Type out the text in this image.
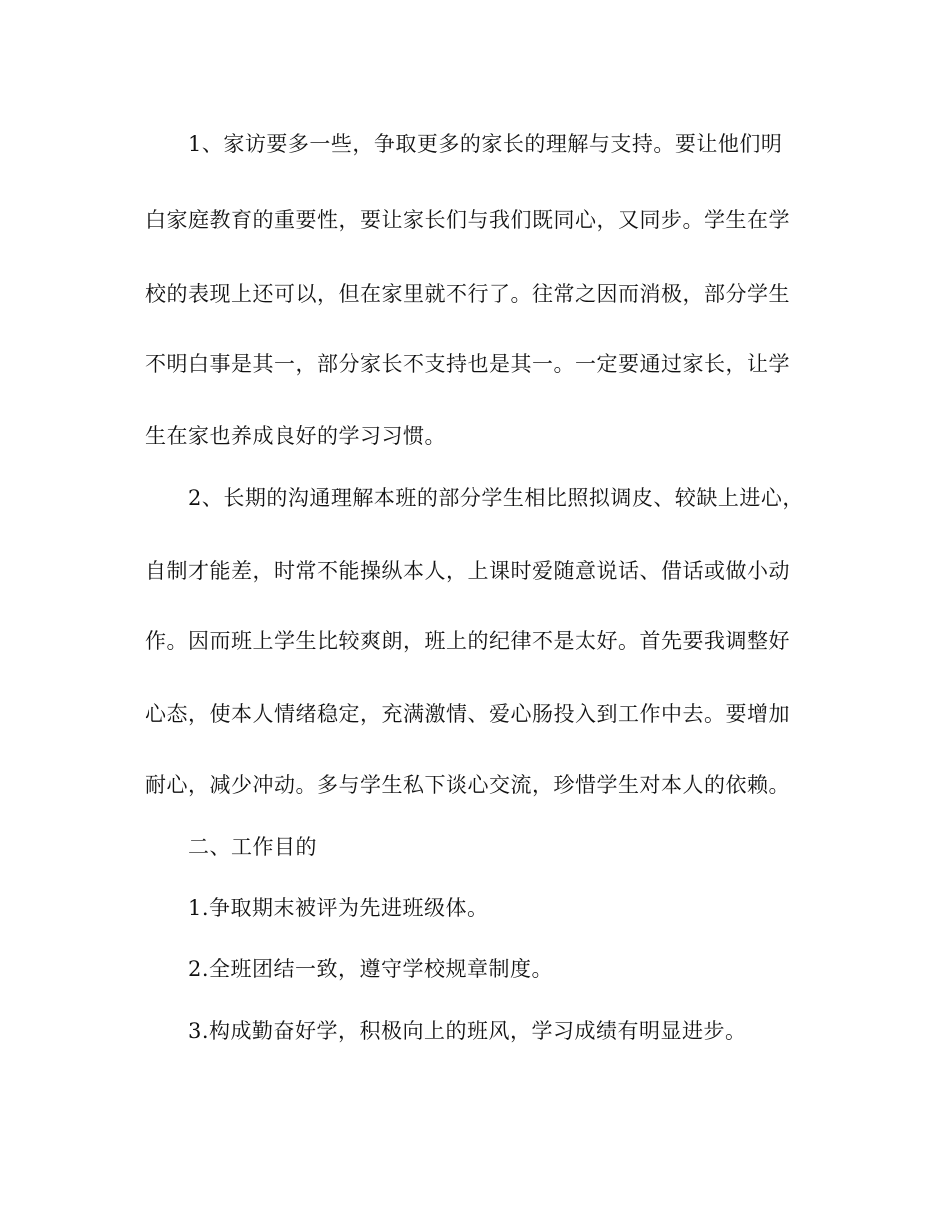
1、家访要多一些，争取更多的家长的理解与支持。要让他们明
白家庭教育的重要性，要让家长们与我们既同心，又同步。学生在学
校的表现上还可以，但在家里就不行了。往常之因而消极，部分学生
不明白事是其一，部分家长不支持也是其一。一定要通过家长，让学
生在家也养成良好的学习习惯。
2、长期的沟通理解本班的部分学生相比照拟调皮、较缺上进心，
自制才能差，时常不能操纵本人，上课时爱随意说话、借话或做小动
作。因而班上学生比较爽朗，班上的纪律不是太好。首先要我调整好
心态，使本人情绪稳定，充满激情、爱心肠投入到工作中去。要增加
耐心，减少冲动。多与学生私下谈心交流，珍惜学生对本人的依赖。
二、工作目的
1.争取期末被评为先进班级体。
2.全班团结一致，遵守学校规章制度。
3.构成勤奋好学，积极向上的班风，学习成绩有明显进步。
